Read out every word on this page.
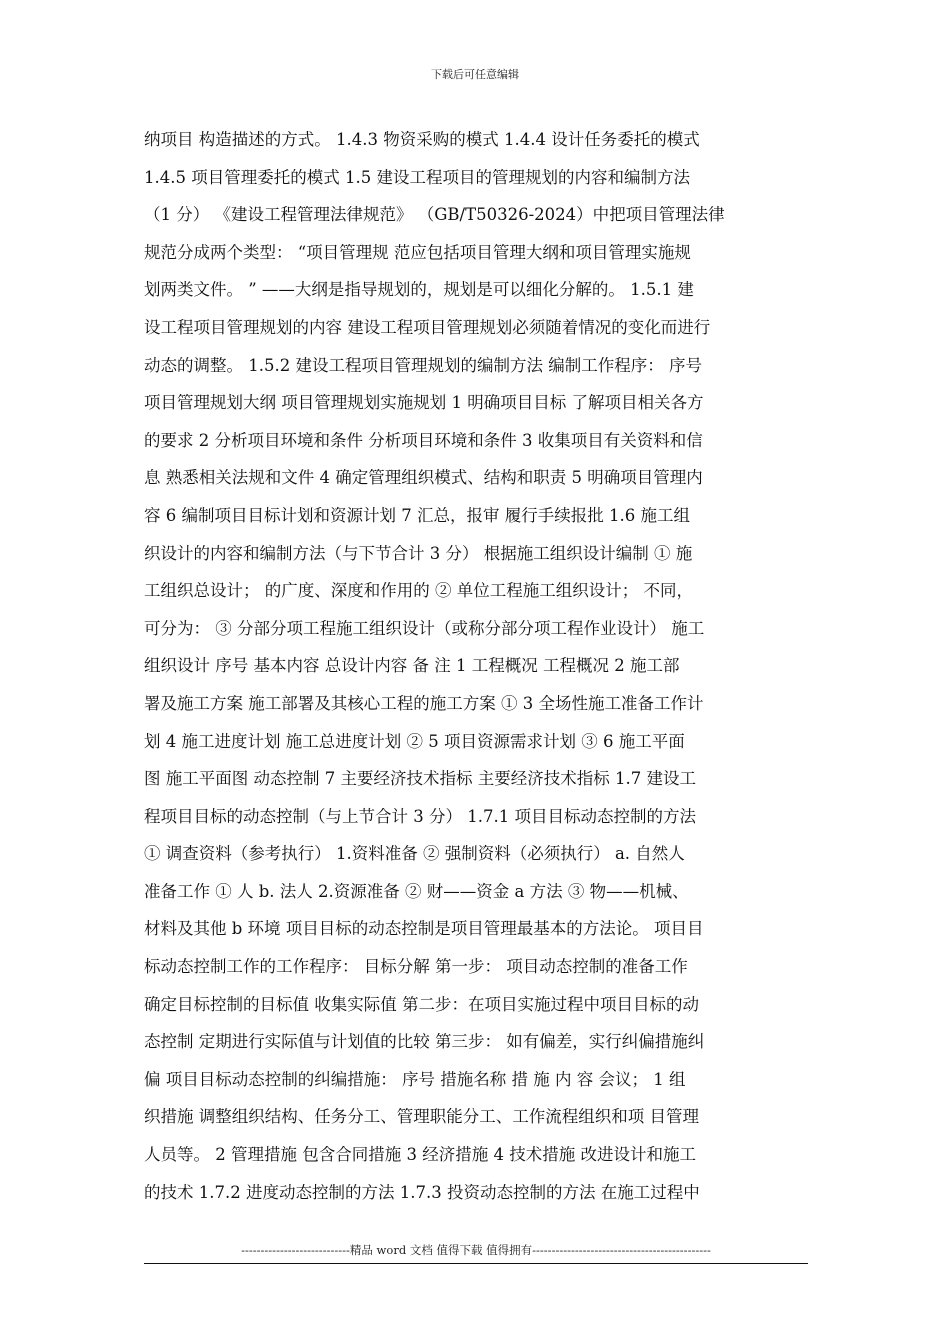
下载后可任意编辑
纳项目 构造描述的方式。 1.4.3 物资采购的模式 1.4.4 设计任务委托的模式
1.4.5 项目管理委托的模式 1.5 建设工程项目的管理规划的内容和编制方法
（1 分） 《建设工程管理法律规范》 （GB/T50326-2024）中把项目管理法律
规范分成两个类型： “项目管理规 范应包括项目管理大纲和项目管理实施规
划两类文件。 ” ——大纲是指导规划的，规划是可以细化分解的。 1.5.1 建
设工程项目管理规划的内容 建设工程项目管理规划必须随着情况的变化而进行
动态的调整。 1.5.2 建设工程项目管理规划的编制方法 编制工作程序： 序号
项目管理规划大纲 项目管理规划实施规划 1 明确项目目标 了解项目相关各方
的要求 2 分析项目环境和条件 分析项目环境和条件 3 收集项目有关资料和信
息 熟悉相关法规和文件 4 确定管理组织模式、结构和职责 5 明确项目管理内
容 6 编制项目目标计划和资源计划 7 汇总，报审 履行手续报批 1.6 施工组
织设计的内容和编制方法（与下节合计 3 分） 根据施工组织设计编制 ① 施
工组织总设计； 的广度、深度和作用的 ② 单位工程施工组织设计； 不同，
可分为： ③ 分部分项工程施工组织设计（或称分部分项工程作业设计） 施工
组织设计 序号 基本内容 总设计内容 备 注 1 工程概况 工程概况 2 施工部
署及施工方案 施工部署及其核心工程的施工方案 ① 3 全场性施工准备工作计
划 4 施工进度计划 施工总进度计划 ② 5 项目资源需求计划 ③ 6 施工平面
图 施工平面图 动态控制 7 主要经济技术指标 主要经济技术指标 1.7 建设工
程项目目标的动态控制（与上节合计 3 分） 1.7.1 项目目标动态控制的方法
① 调查资料（参考执行） 1.资料准备 ② 强制资料（必须执行） a. 自然人
准备工作 ① 人 b. 法人 2.资源准备 ② 财——资金 a 方法 ③ 物——机械、
材料及其他 b 环境 项目目标的动态控制是项目管理最基本的方法论。 项目目
标动态控制工作的工作程序： 目标分解 第一步： 项目动态控制的准备工作
确定目标控制的目标值 收集实际值 第二步：在项目实施过程中项目目标的动
态控制 定期进行实际值与计划值的比较 第三步： 如有偏差，实行纠偏措施纠
偏 项目目标动态控制的纠编措施： 序号 措施名称 措 施 内 容 会议； 1 组
织措施 调整组织结构、任务分工、管理职能分工、工作流程组织和项 目管理
人员等。 2 管理措施 包含合同措施 3 经济措施 4 技术措施 改进设计和施工
的技术 1.7.2 进度动态控制的方法 1.7.3 投资动态控制的方法 在施工过程中
----------------------------精品 word 文档 值得下载 值得拥有----------------------------------------------
